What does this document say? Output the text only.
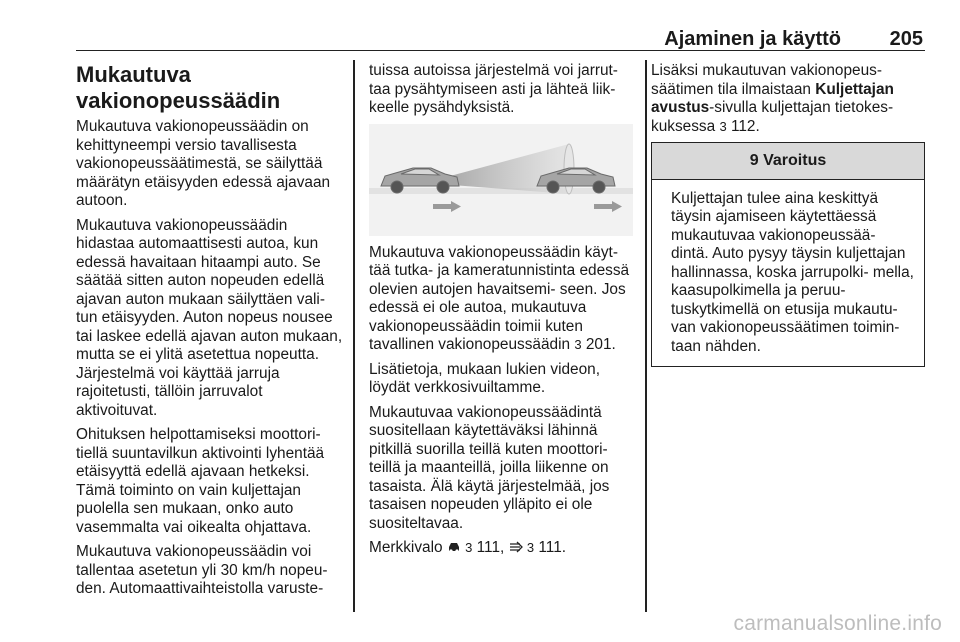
Ajaminen ja käyttö 205
Mukautuva vakionopeussäädin

Mukautuva vakionopeussäädin on kehittyneempi versio tavallisesta vakionopeussäätimestä, se säilyttää määrätyn etäisyyden edessä ajavaan autoon.

Mukautuva vakionopeussäädin hidastaa automaattisesti autoa, kun edessä havaitaan hitaampi auto. Se säätää sitten auton nopeuden edellä ajavan auton mukaan säilyttäen vali- tun etäisyyden. Auton nopeus nousee tai laskee edellä ajavan auton mukaan, mutta se ei ylitä asetettua nopeutta. Järjestelmä voi käyttää jarruja rajoitetusti, tällöin jarruvalot aktivoituvat.

Ohituksen helpottamiseksi moottori- tiellä suuntavilkun aktivointi lyhentää etäisyyttä edellä ajavaan hetkeksi. Tämä toiminto on vain kuljettajan puolella sen mukaan, onko auto vasemmalta vai oikealta ohjattava.

Mukautuva vakionopeussäädin voi tallentaa asetetun yli 30 km/h nopeu- den. Automaattivaihteistolla varuste-

tuissa autoissa järjestelmä voi jarrut- taa pysähtymiseen asti ja lähteä liik- keelle pysähdyksistä.

Mukautuva vakionopeussäädin käyt- tää tutka- ja kameratunnistinta edessä olevien autojen havaitsemi- seen. Jos edessä ei ole autoa, mukautuva vakionopeussäädin toimii kuten tavallinen vakionopeussäädin 3 201.

Lisätietoja, mukaan lukien videon, löydät verkkosivuiltamme.

Mukautuvaa vakionopeussäädintä suositellaan käytettäväksi lähinnä pitkillä suorilla teillä kuten moottori- teillä ja maanteillä, joilla liikenne on tasaista. Älä käytä järjestelmää, jos tasaisen nopeuden ylläpito ei ole suositeltavaa.

Merkkivalo 3 111, 3 111.

Lisäksi mukautuvan vakionopeus- säätimen tila ilmaistaan Kuljettajan avustus-sivulla kuljettajan tietokes- kuksessa 3 112.

9 Varoitus
Kuljettajan tulee aina keskittyä täysin ajamiseen käytettäessä mukautuvaa vakionopeussää- dintä. Auto pysyy täysin kuljettajan hallinnassa, koska jarrupolki- mella, kaasupolkimella ja peruu- tuskytkimellä on etusija mukautu- van vakionopeussäätimen toimin- taan nähden.
carmanualsonline.info
